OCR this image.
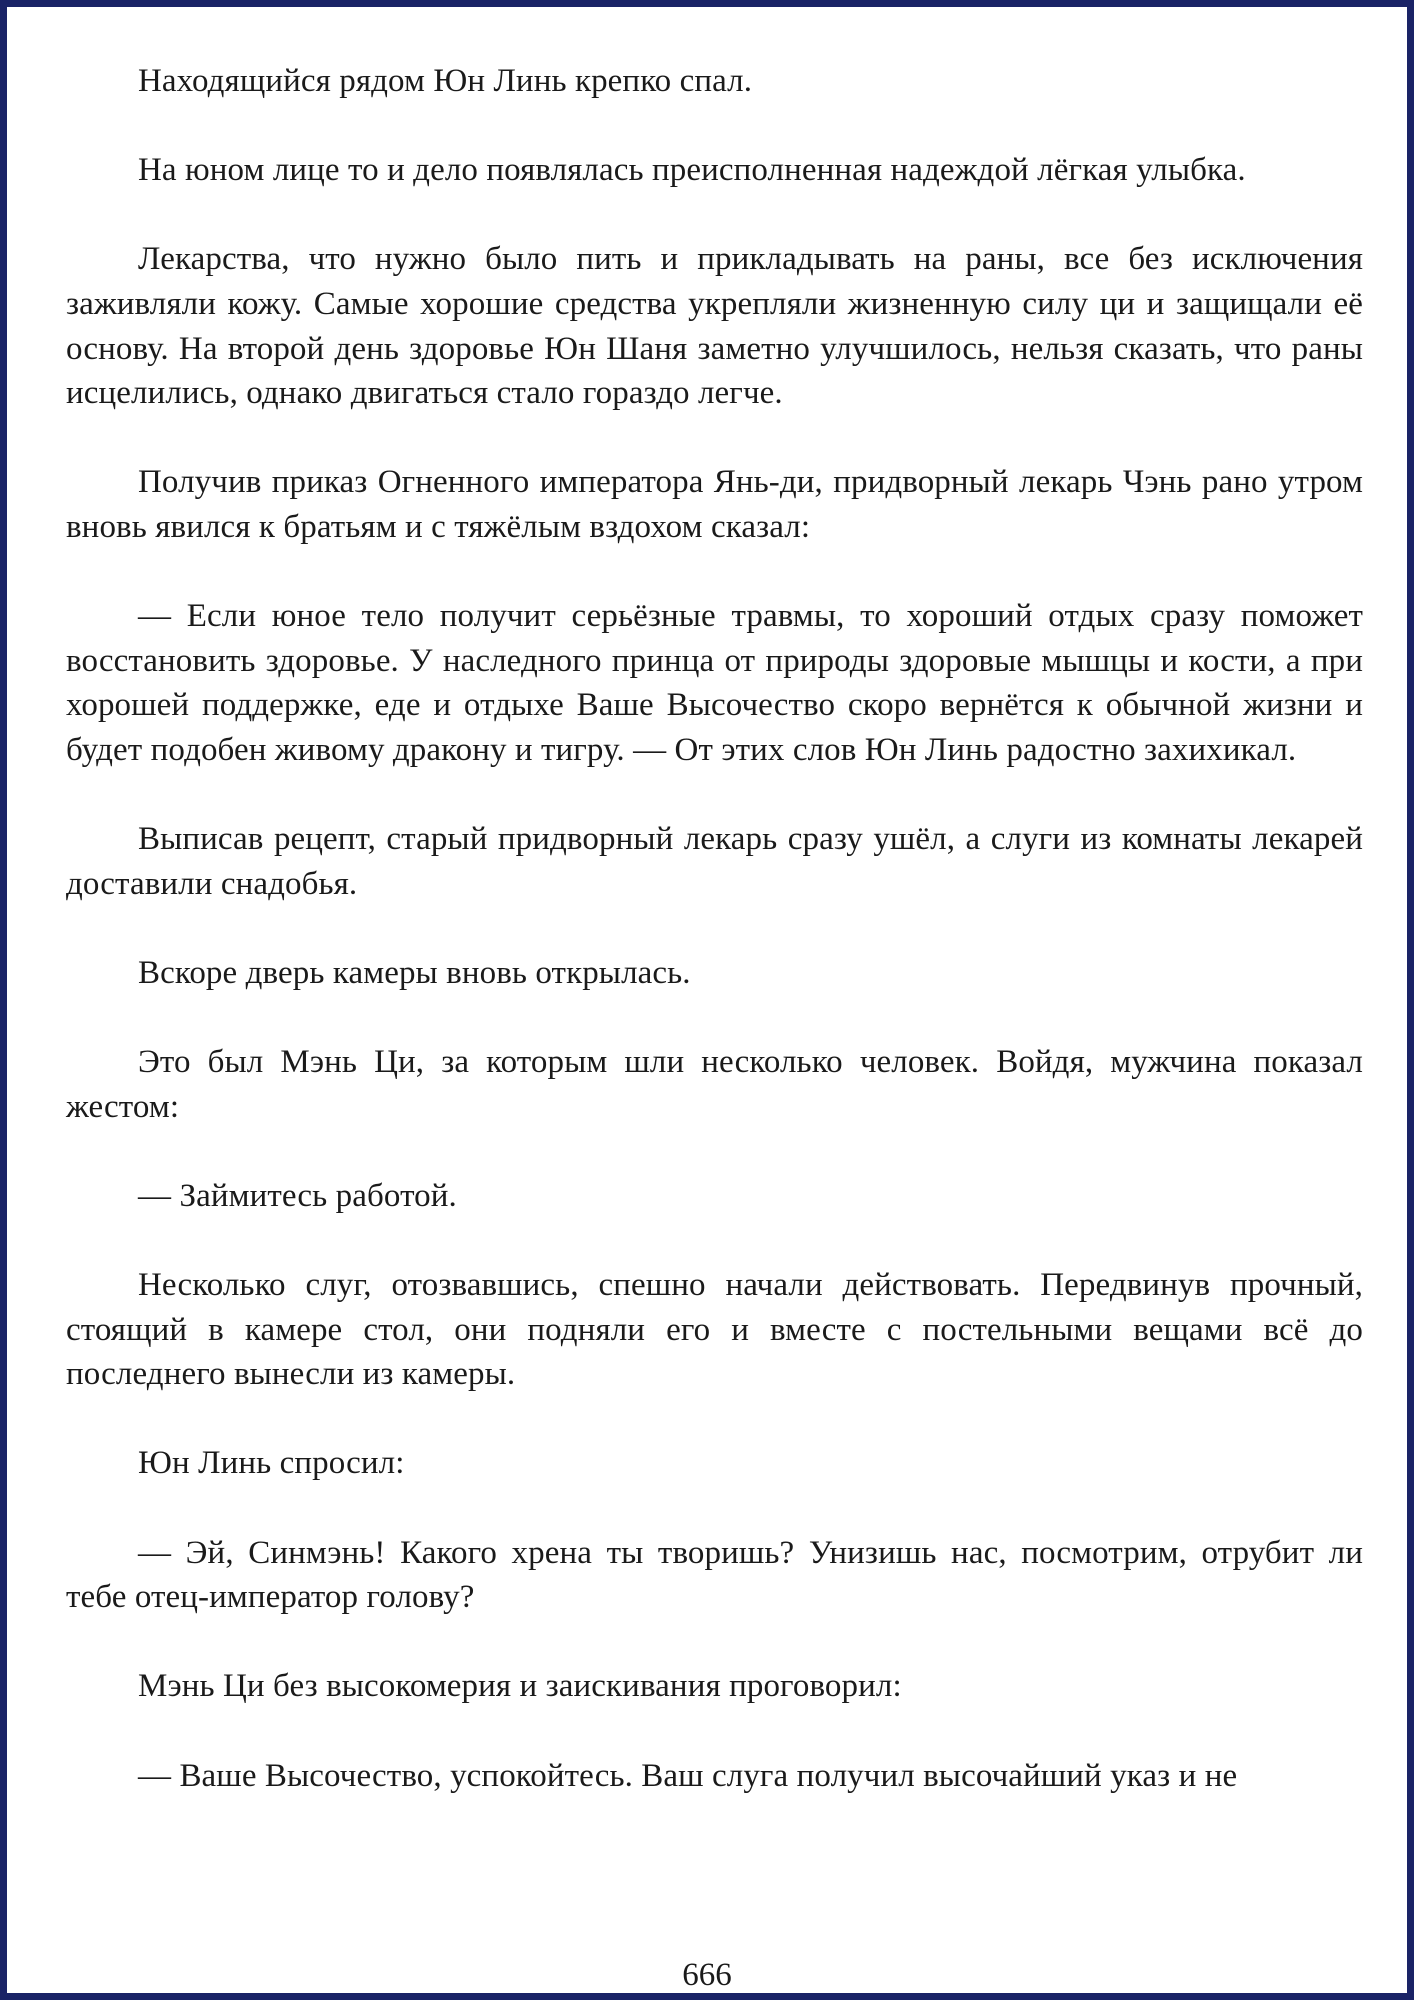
Находящийся рядом Юн Линь крепко спал.

На юном лице то и дело появлялась преисполненная надеждой лёгкая улыбка.

Лекарства, что нужно было пить и прикладывать на раны, все без исключения заживляли кожу. Самые хорошие средства укрепляли жизненную силу ци и защищали её основу. На второй день здоровье Юн Шаня заметно улучшилось, нельзя сказать, что раны исцелились, однако двигаться стало гораздо легче.

Получив приказ Огненного императора Янь-ди, придворный лекарь Чэнь рано утром вновь явился к братьям и с тяжёлым вздохом сказал:

— Если юное тело получит серьёзные травмы, то хороший отдых сразу поможет восстановить здоровье. У наследного принца от природы здоровые мышцы и кости, а при хорошей поддержке, еде и отдыхе Ваше Высочество скоро вернётся к обычной жизни и будет подобен живому дракону и тигру. — От этих слов Юн Линь радостно захихикал.

Выписав рецепт, старый придворный лекарь сразу ушёл, а слуги из комнаты лекарей доставили снадобья.

Вскоре дверь камеры вновь открылась.

Это был Мэнь Ци, за которым шли несколько человек. Войдя, мужчина показал жестом:

— Займитесь работой.

Несколько слуг, отозвавшись, спешно начали действовать. Передвинув прочный, стоящий в камере стол, они подняли его и вместе с постельными вещами всё до последнего вынесли из камеры.

Юн Линь спросил:

— Эй, Синмэнь! Какого хрена ты творишь? Унизишь нас, посмотрим, отрубит ли тебе отец-император голову?

Мэнь Ци без высокомерия и заискивания проговорил:

— Ваше Высочество, успокойтесь. Ваш слуга получил высочайший указ и не

666
